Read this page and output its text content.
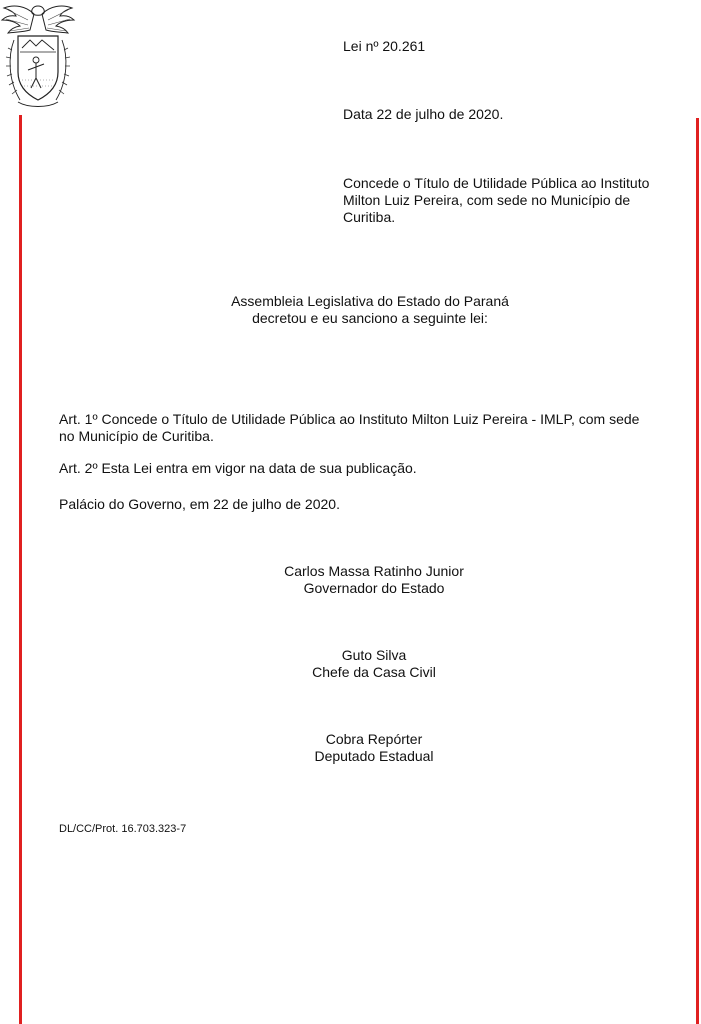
Lei nº 20.261
Data 22 de julho de 2020.
Concede o Título de Utilidade Pública ao Instituto
Milton Luiz Pereira, com sede no Município de
Curitiba.
Assembleia Legislativa do Estado do Paraná
decretou e eu sanciono a seguinte lei:
Art. 1º Concede o Título de Utilidade Pública ao Instituto Milton Luiz Pereira - IMLP, com sede
no Município de Curitiba.
Art. 2º Esta Lei entra em vigor na data de sua publicação.
Palácio do Governo, em 22 de julho de 2020.
Carlos Massa Ratinho Junior
Governador do Estado
Guto Silva
Chefe da Casa Civil
Cobra Repórter
Deputado Estadual
DL/CC/Prot. 16.703.323-7
